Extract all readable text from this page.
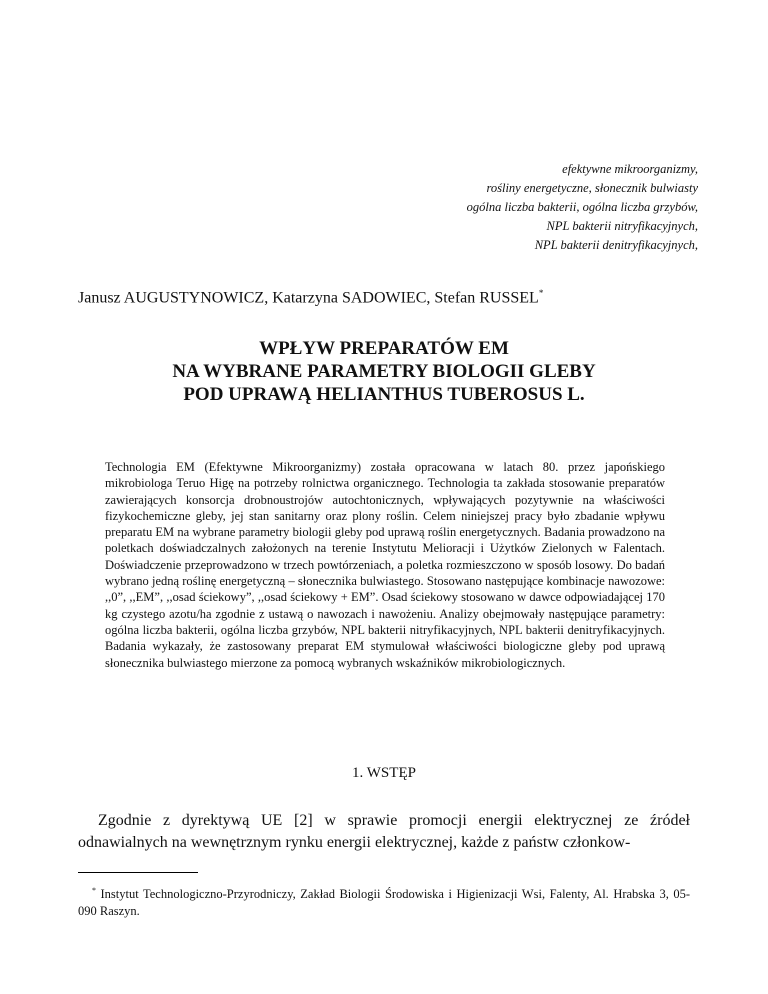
efektywne mikroorganizmy,
rośliny energetyczne, słonecznik bulwiasty
ogólna liczba bakterii, ogólna liczba grzybów,
NPL bakterii nitryfikacyjnych,
NPL bakterii denitryfikacyjnych,
Janusz AUGUSTYNOWICZ, Katarzyna SADOWIEC, Stefan RUSSEL*
WPŁYW PREPARATÓW EM
NA WYBRANE PARAMETRY BIOLOGII GLEBY
POD UPRAWĄ HELIANTHUS TUBEROSUS L.
Technologia EM (Efektywne Mikroorganizmy) została opracowana w latach 80. przez japońskiego mikrobiologa Teruo Higę na potrzeby rolnictwa organicznego. Technologia ta zakłada stosowanie preparatów zawierających konsorcja drobnoustrojów autochtonicznych, wpływających pozytywnie na właściwości fizykochemiczne gleby, jej stan sanitarny oraz plony roślin. Celem niniejszej pracy było zbadanie wpływu preparatu EM na wybrane parametry biologii gleby pod uprawą roślin energetycznych. Badania prowadzono na poletkach doświadczalnych założonych na terenie Instytutu Melioracji i Użytków Zielonych w Falentach. Doświadczenie przeprowadzono w trzech powtórzeniach, a poletka rozmieszczono w sposób losowy. Do badań wybrano jedną roślinę energetyczną – słonecznika bulwiastego. Stosowano następujące kombinacje nawozowe: ,,0”, ,,EM”, ,,osad ściekowy”, ,,osad ściekowy + EM”. Osad ściekowy stosowano w dawce odpowiadającej 170 kg czystego azotu/ha zgodnie z ustawą o nawozach i nawożeniu. Analizy obejmowały następujące parametry: ogólna liczba bakterii, ogólna liczba grzybów, NPL bakterii nitryfikacyjnych, NPL bakterii denitryfikacyjnych. Badania wykazały, że zastosowany preparat EM stymulował właściwości biologiczne gleby pod uprawą słonecznika bulwiastego mierzone za pomocą wybranych wskaźników mikrobiologicznych.
1. WSTĘP
Zgodnie z dyrektywą UE [2] w sprawie promocji energii elektrycznej ze źródeł odnawialnych na wewnętrznym rynku energii elektrycznej, każde z państw członkow-
* Instytut Technologiczno-Przyrodniczy, Zakład Biologii Środowiska i Higienizacji Wsi, Falenty, Al. Hrabska 3, 05-090 Raszyn.
